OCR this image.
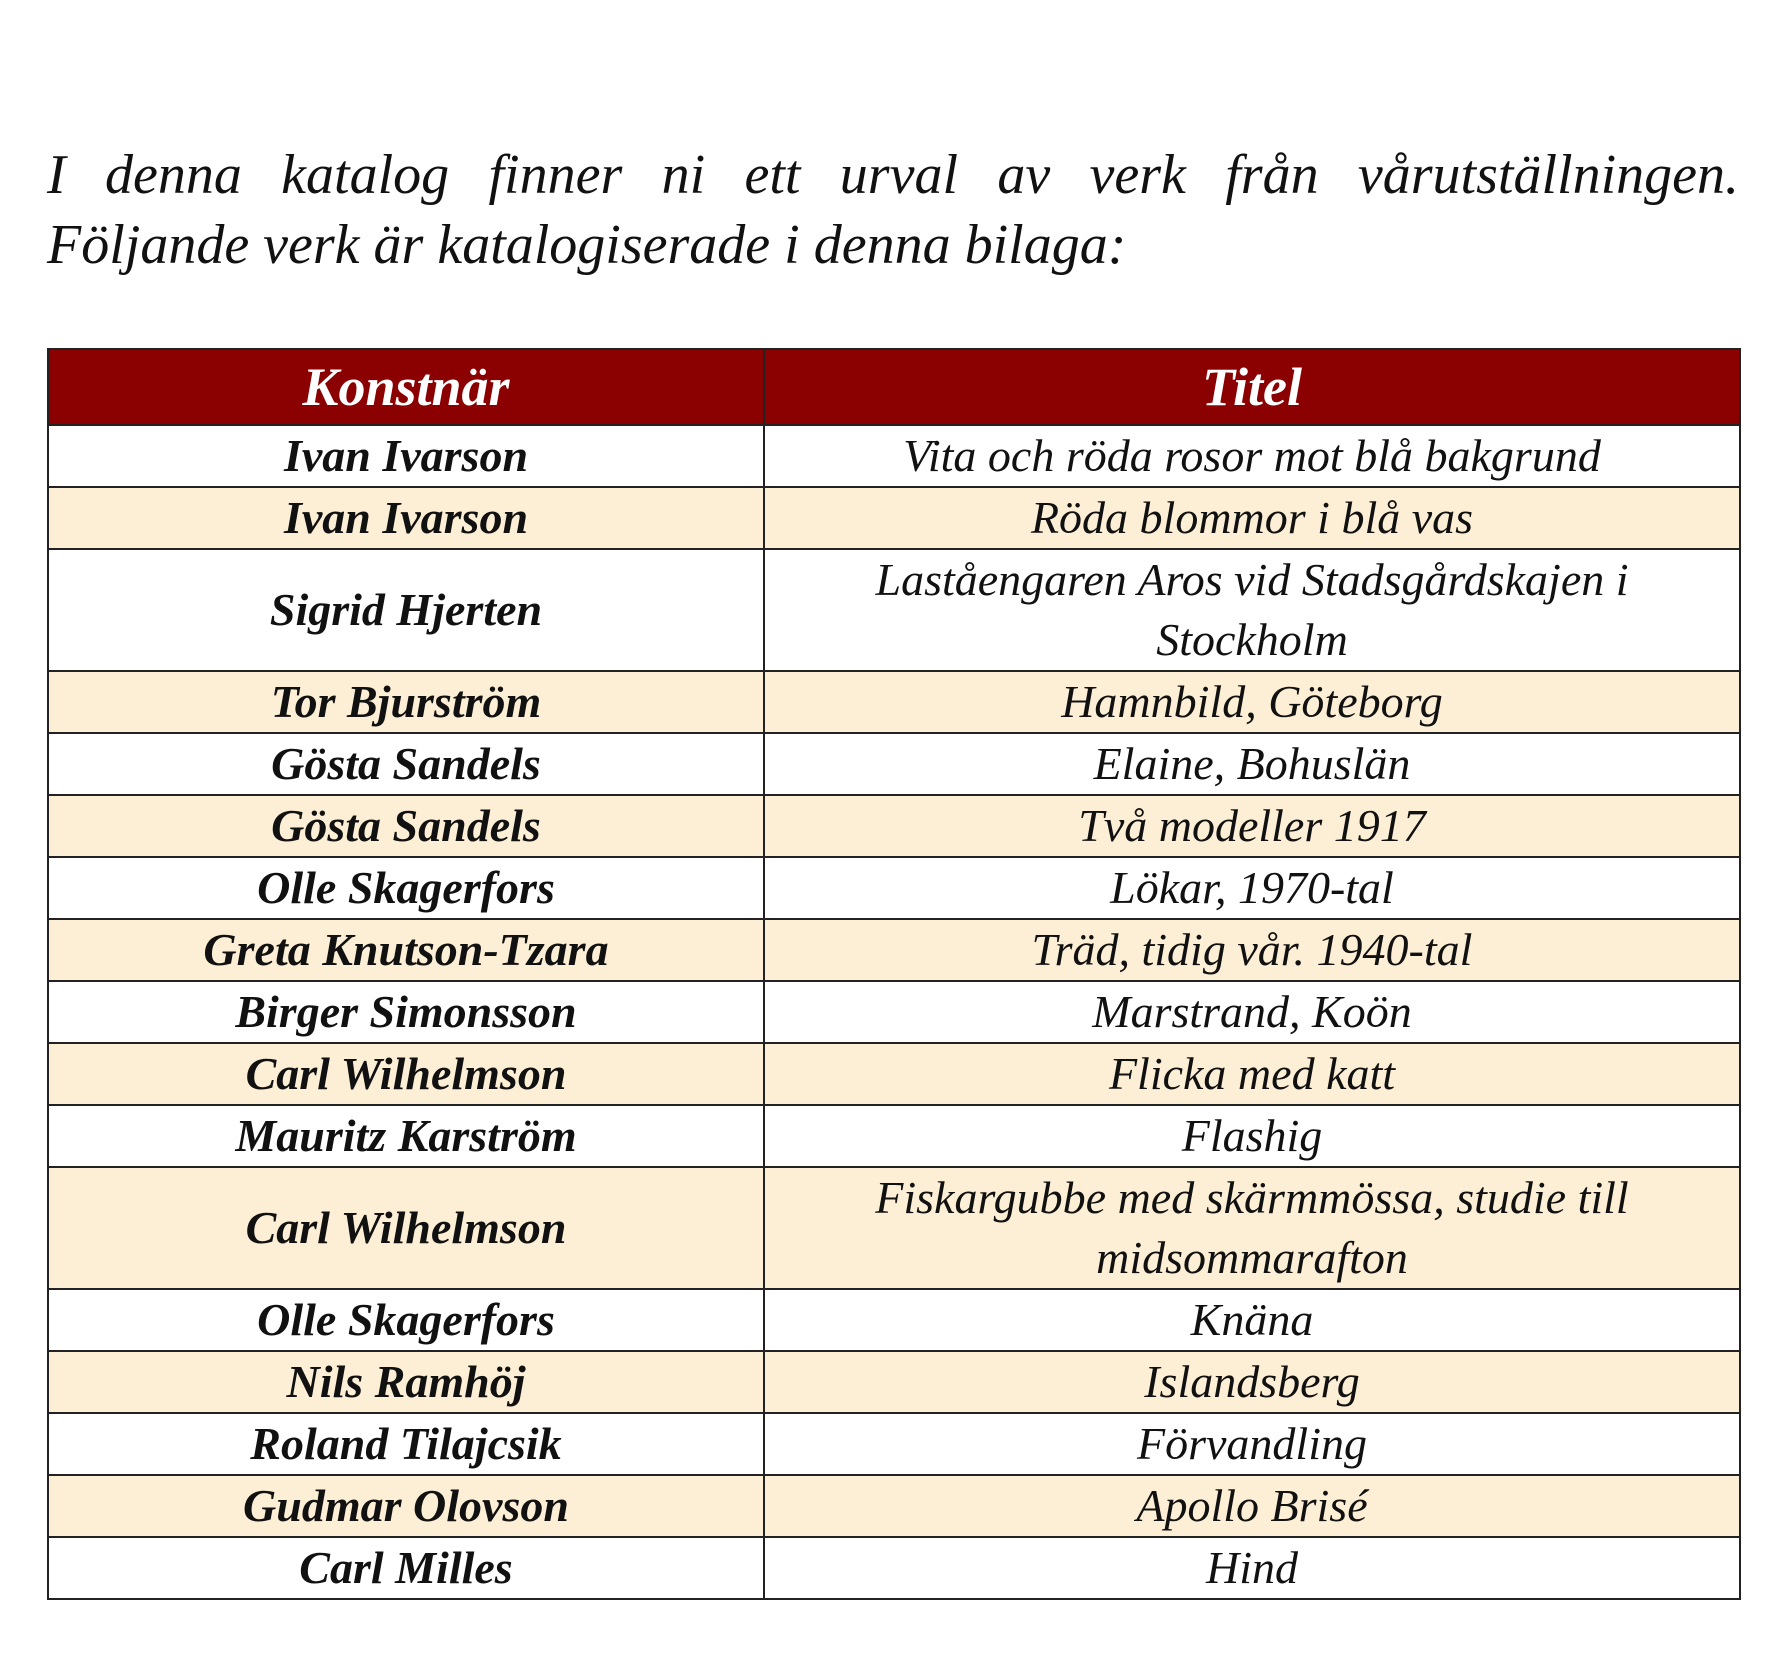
I denna katalog finner ni ett urval av verk från vårutställningen.
Följande verk är katalogiserade i denna bilaga:

Konstnär	Titel
Ivan Ivarson	Vita och röda rosor mot blå bakgrund
Ivan Ivarson	Röda blommor i blå vas
Sigrid Hjerten	Laståengaren Aros vid Stadsgårdskajen i Stockholm
Tor Bjurström	Hamnbild, Göteborg
Gösta Sandels	Elaine, Bohuslän
Gösta Sandels	Två modeller 1917
Olle Skagerfors	Lökar, 1970-tal
Greta Knutson-Tzara	Träd, tidig vår. 1940-tal
Birger Simonsson	Marstrand, Koön
Carl Wilhelmson	Flicka med katt
Mauritz Karström	Flashig
Carl Wilhelmson	Fiskargubbe med skärmmössa, studie till midsommarafton
Olle Skagerfors	Knäna
Nils Ramhöj	Islandsberg
Roland Tilajcsik	Förvandling
Gudmar Olovson	Apollo Brisé
Carl Milles	Hind
